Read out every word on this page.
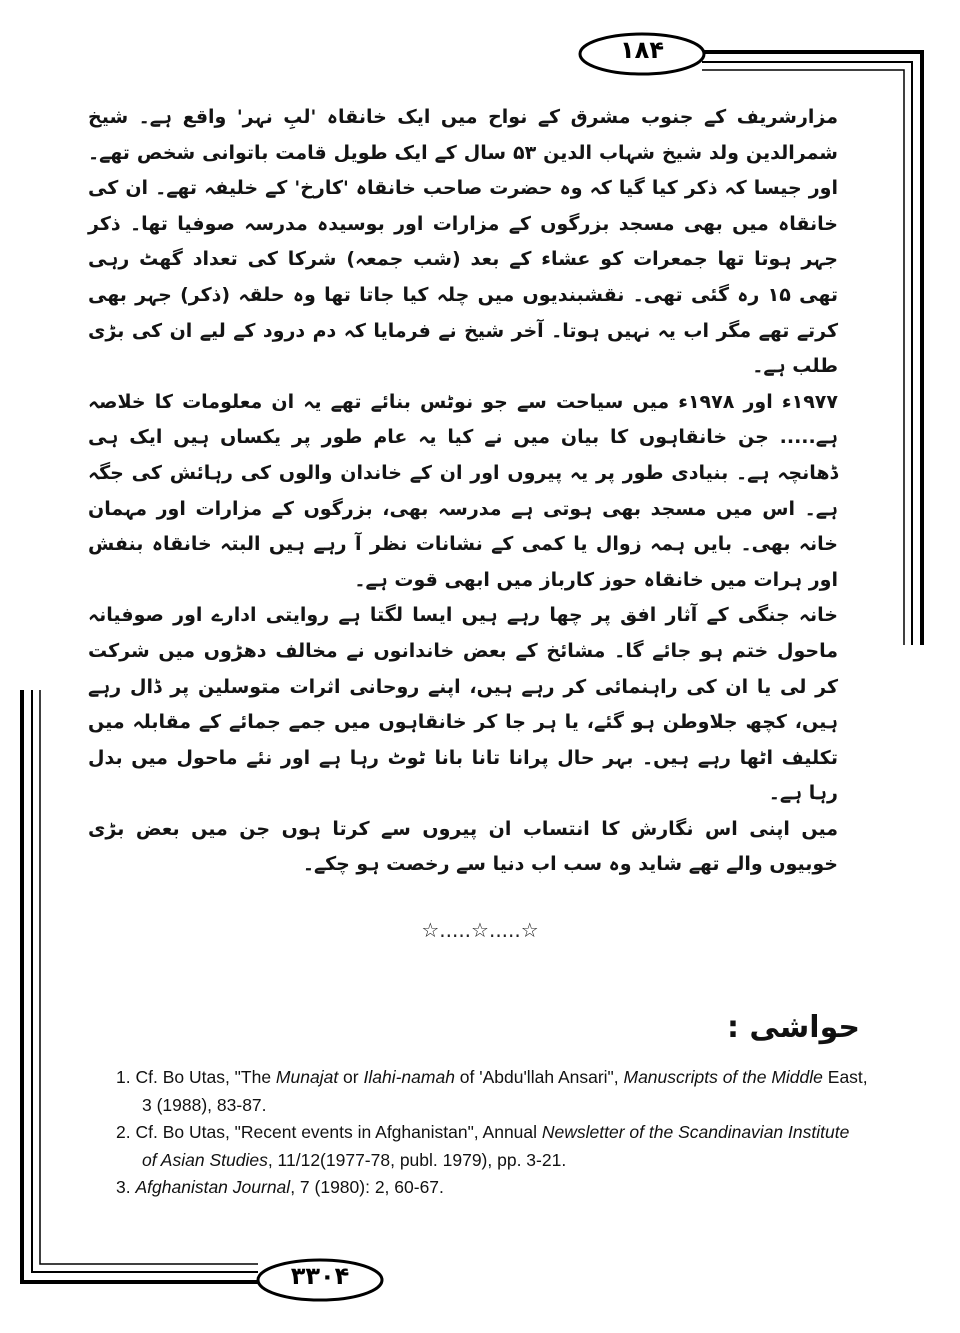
۱۸۴
۳۳۰۴

مزارشریف کے جنوب مشرق کے نواح میں ایک خانقاہ 'لبِ نہر' واقع ہے۔ شیخ شمرالدین ولد شیخ شہاب الدین ۵۳ سال کے ایک طویل قامت باتوانی شخص تھے۔ اور جیسا کہ ذکر کیا گیا کہ وہ حضرت صاحب خانقاہ 'کارخ' کے خلیفہ تھے۔ ان کی خانقاہ میں بھی مسجد بزرگوں کے مزارات اور بوسیدہ مدرسہ صوفیا تھا۔ ذکر جہر ہوتا تھا جمعرات کو عشاء کے بعد (شب جمعہ) شرکا کی تعداد گھٹ رہی تھی ۱۵ رہ گئی تھی۔ نقشبندیوں میں چلہ کیا جاتا تھا وہ حلقہ (ذکر) جہر بھی کرتے تھے مگر اب یہ نہیں ہوتا۔ آخر شیخ نے فرمایا کہ دم درود کے لیے ان کی بڑی طلب ہے۔

۱۹۷۷ء اور ۱۹۷۸ء میں سیاحت سے جو نوٹس بنائے تھے یہ ان معلومات کا خلاصہ ہے..... جن خانقاہوں کا بیان میں نے کیا یہ عام طور پر یکساں ہیں ایک ہی ڈھانچہ ہے۔ بنیادی طور پر یہ پیروں اور ان کے خاندان والوں کی رہائش کی جگہ ہے۔ اس میں مسجد بھی ہوتی ہے مدرسہ بھی، بزرگوں کے مزارات اور مہمان خانہ بھی۔ بایں ہمہ زوال یا کمی کے نشانات نظر آ رہے ہیں البتہ خانقاہ بنفش اور ہرات میں خانقاہ حوز کارباز میں ابھی قوت ہے۔

خانہ جنگی کے آثار افق پر چھا رہے ہیں ایسا لگتا ہے روایتی ادارے اور صوفیانہ ماحول ختم ہو جائے گا۔ مشائخ کے بعض خاندانوں نے مخالف دھڑوں میں شرکت کر لی یا ان کی راہنمائی کر رہے ہیں، اپنے روحانی اثرات متوسلین پر ڈال رہے ہیں، کچھ جلاوطن ہو گئے، یا ہر جا کر خانقاہوں میں جمے جمائے کے مقابلہ میں تکلیف اٹھا رہے ہیں۔ بہر حال پرانا تانا بانا ٹوٹ رہا ہے اور نئے ماحول میں بدل رہا ہے۔

میں اپنی اس نگارش کا انتساب ان پیروں سے کرتا ہوں جن میں بعض بڑی خوبیوں والے تھے شاید وہ سب اب دنیا سے رخصت ہو چکے۔

☆.....☆.....☆
حواشی :
1. Cf. Bo Utas, "The Munajat or Ilahi-namah of 'Abdu'llah Ansari", Manuscripts of the Middle East, 3 (1988), 83-87.
2. Cf. Bo Utas, "Recent events in Afghanistan", Annual Newsletter of the Scandinavian Institute of Asian Studies, 11/12(1977-78, publ. 1979), pp. 3-21.
3. Afghanistan Journal, 7 (1980): 2, 60-67.
